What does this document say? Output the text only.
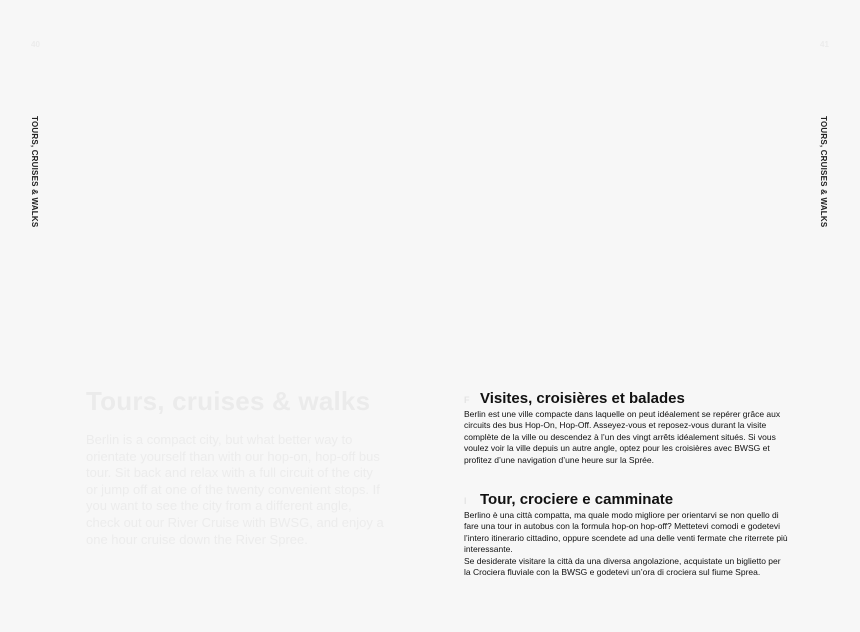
40	41
TOURS, CRUISES & WALKS	TOURS, CRUISES & WALKS
Tours, cruises & walks

Berlin is a compact city, but what better way to orientate yourself than with our hop-on, hop-off bus tour. Sit back and relax with a full circuit of the city or jump off at one of the twenty convenient stops. If you want to see the city from a different angle, check out our River Cruise with BWSG, and enjoy a one hour cruise down the River Spree.

F Visites, croisières et balades

Berlin est une ville compacte dans laquelle on peut idéalement se repérer grâce aux circuits des bus Hop-On, Hop-Off. Asseyez-vous et reposez-vous durant la visite complète de la ville ou descendez à l’un des vingt arrêts idéalement situés. Si vous voulez voir la ville depuis un autre angle, optez pour les croisières avec BWSG et profitez d’une navigation d’une heure sur la Sprée.

I Tour, crociere e camminate

Berlino è una città compatta, ma quale modo migliore per orientarvi se non quello di fare una tour in autobus con la formula hop-on hop-off? Mettetevi comodi e godetevi l’intero itinerario cittadino, oppure scendete ad una delle venti fermate che riterrete più interessante.

Se desiderate visitare la città da una diversa angolazione, acquistate un biglietto per la Crociera fluviale con la BWSG e godetevi un’ora di crociera sul fiume Sprea.
